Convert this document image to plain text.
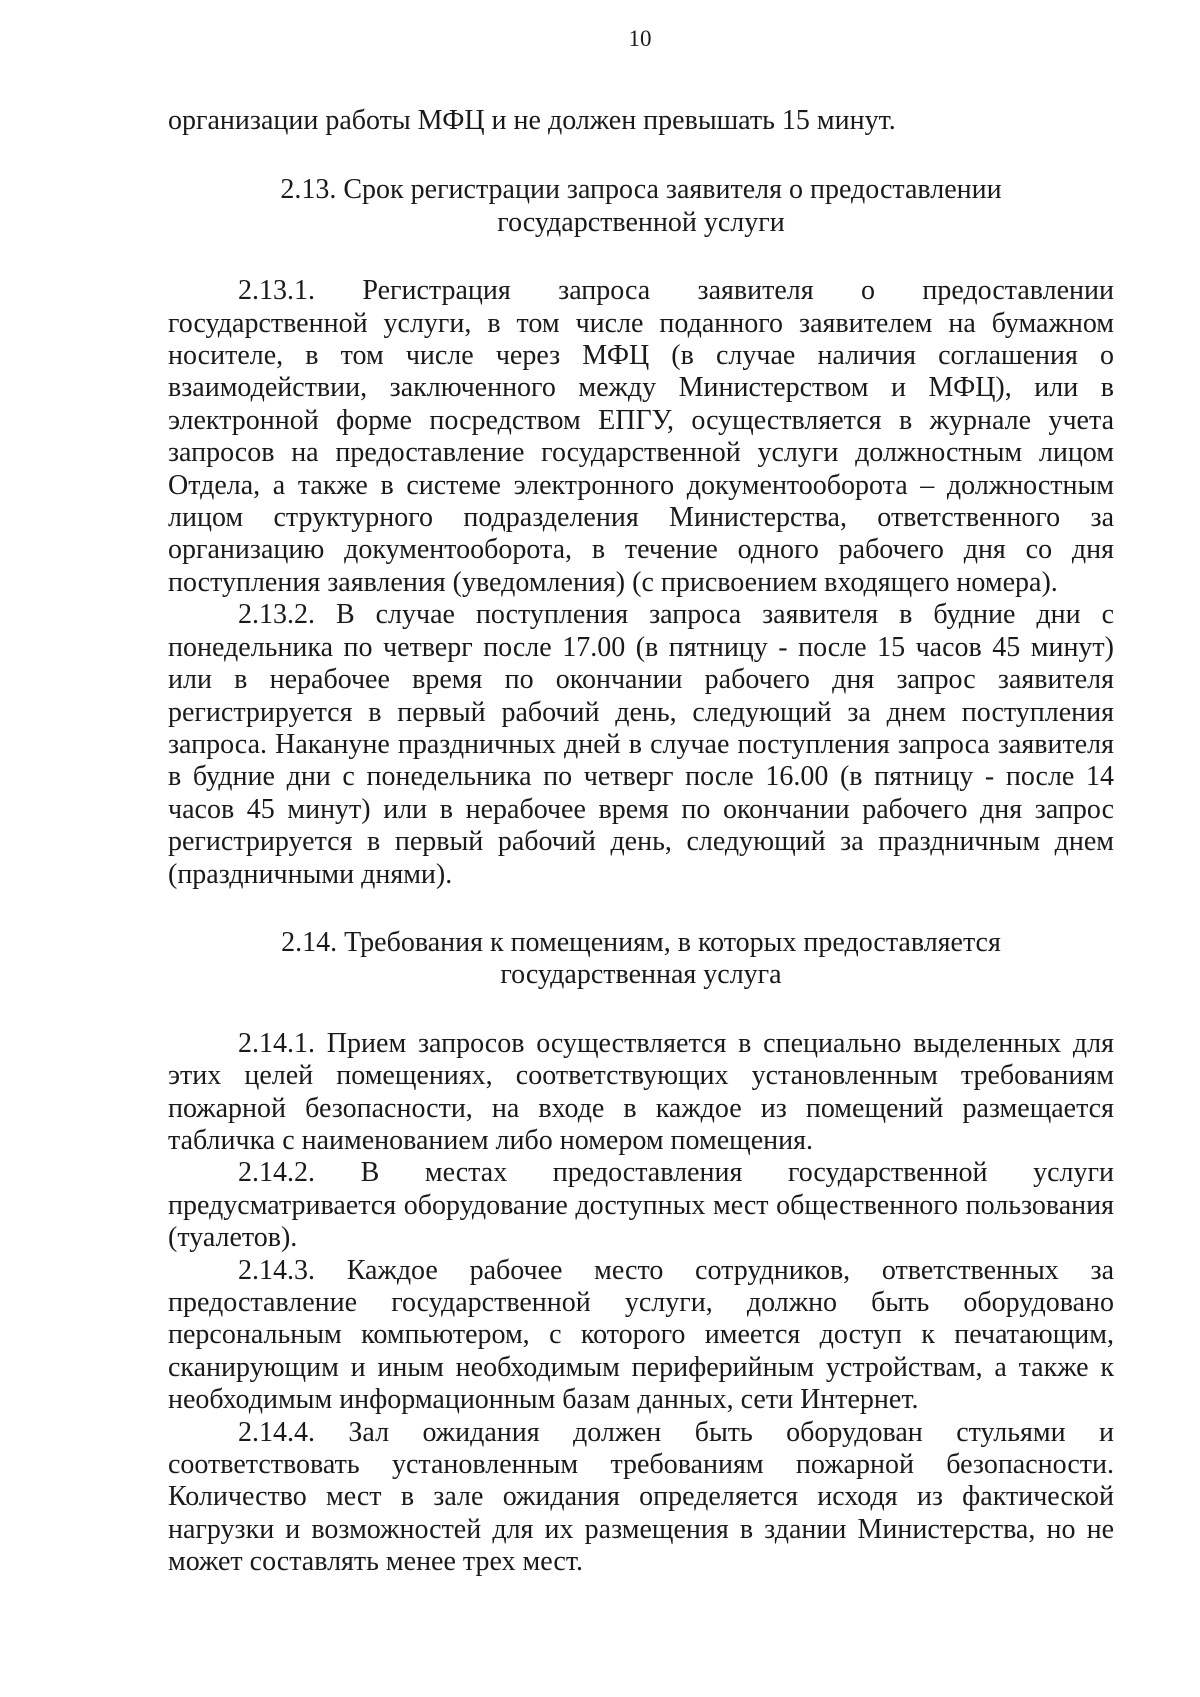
10

организации работы МФЦ и не должен превышать 15 минут.

2.13. Срок регистрации запроса заявителя о предоставлении
государственной услуги

2.13.1. Регистрация запроса заявителя о предоставлении государственной услуги, в том числе поданного заявителем на бумажном носителе, в том числе через МФЦ (в случае наличия соглашения о взаимодействии, заключенного между Министерством и МФЦ), или в электронной форме посредством ЕПГУ, осуществляется в журнале учета запросов на предоставление государственной услуги должностным лицом Отдела, а также в системе электронного документооборота – должностным лицом структурного подразделения Министерства, ответственного за организацию документооборота, в течение одного рабочего дня со дня поступления заявления (уведомления) (с присвоением входящего номера).

2.13.2. В случае поступления запроса заявителя в будние дни с понедельника по четверг после 17.00 (в пятницу - после 15 часов 45 минут) или в нерабочее время по окончании рабочего дня запрос заявителя регистрируется в первый рабочий день, следующий за днем поступления запроса. Накануне праздничных дней в случае поступления запроса заявителя в будние дни с понедельника по четверг после 16.00 (в пятницу - после 14 часов 45 минут) или в нерабочее время по окончании рабочего дня запрос регистрируется в первый рабочий день, следующий за праздничным днем (праздничными днями).

2.14. Требования к помещениям, в которых предоставляется
государственная услуга

2.14.1. Прием запросов осуществляется в специально выделенных для этих целей помещениях, соответствующих установленным требованиям пожарной безопасности, на входе в каждое из помещений размещается табличка с наименованием либо номером помещения.

2.14.2. В местах предоставления государственной услуги предусматривается оборудование доступных мест общественного пользования (туалетов).

2.14.3. Каждое рабочее место сотрудников, ответственных за предоставление государственной услуги, должно быть оборудовано персональным компьютером, с которого имеется доступ к печатающим, сканирующим и иным необходимым периферийным устройствам, а также к необходимым информационным базам данных, сети Интернет.

2.14.4. Зал ожидания должен быть оборудован стульями и соответствовать установленным требованиям пожарной безопасности. Количество мест в зале ожидания определяется исходя из фактической нагрузки и возможностей для их размещения в здании Министерства, но не может составлять менее трех мест.
